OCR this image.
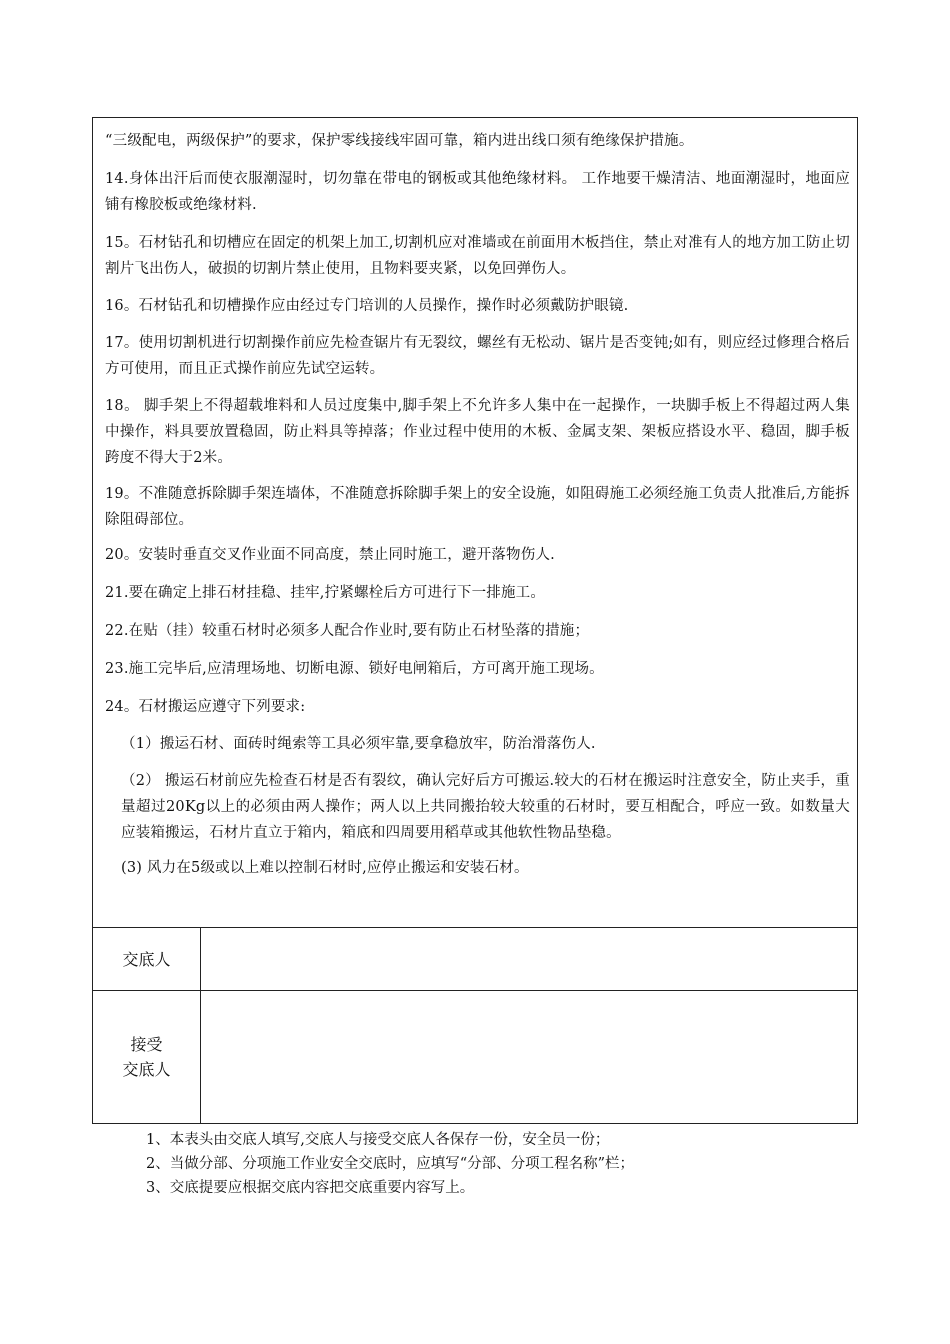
“三级配电，两级保护”的要求，保护零线接线牢固可靠，箱内进出线口须有绝缘保护措施。
14.身体出汗后而使衣服潮湿时，切勿靠在带电的钢板或其他绝缘材料。 工作地要干燥清洁、地面潮湿时，地面应铺有橡胶板或绝缘材料.
15。石材钻孔和切槽应在固定的机架上加工,切割机应对准墙或在前面用木板挡住，禁止对准有人的地方加工防止切割片飞出伤人，破损的切割片禁止使用，且物料要夹紧，以免回弹伤人。
16。石材钻孔和切槽操作应由经过专门培训的人员操作，操作时必须戴防护眼镜.
17。使用切割机进行切割操作前应先检查锯片有无裂纹，螺丝有无松动、锯片是否变钝;如有，则应经过修理合格后方可使用，而且正式操作前应先试空运转。
18。 脚手架上不得超载堆料和人员过度集中,脚手架上不允许多人集中在一起操作，一块脚手板上不得超过两人集中操作，料具要放置稳固，防止料具等掉落；作业过程中使用的木板、金属支架、架板应搭设水平、稳固，脚手板跨度不得大于2米。
19。不准随意拆除脚手架连墙体，不准随意拆除脚手架上的安全设施，如阻碍施工必须经施工负责人批准后,方能拆除阻碍部位。
20。安装时垂直交叉作业面不同高度，禁止同时施工，避开落物伤人.
21.要在确定上排石材挂稳、挂牢,拧紧螺栓后方可进行下一排施工。
22.在贴（挂）较重石材时必须多人配合作业时,要有防止石材坠落的措施；
23.施工完毕后,应清理场地、切断电源、锁好电闸箱后，方可离开施工现场。
24。石材搬运应遵守下列要求:
（1）搬运石材、面砖时绳索等工具必须牢靠,要拿稳放牢，防治滑落伤人.
（2） 搬运石材前应先检查石材是否有裂纹，确认完好后方可搬运.较大的石材在搬运时注意安全，防止夹手，重量超过20Kg以上的必须由两人操作；两人以上共同搬抬较大较重的石材时，要互相配合，呼应一致。如数量大应装箱搬运，石材片直立于箱内，箱底和四周要用稻草或其他软性物品垫稳。
(3) 风力在5级或以上难以控制石材时,应停止搬运和安装石材。
交底人
接受
交底人
1、本表头由交底人填写,交底人与接受交底人各保存一份，安全员一份；
2、当做分部、分项施工作业安全交底时，应填写“分部、分项工程名称”栏；
3、交底提要应根据交底内容把交底重要内容写上。
